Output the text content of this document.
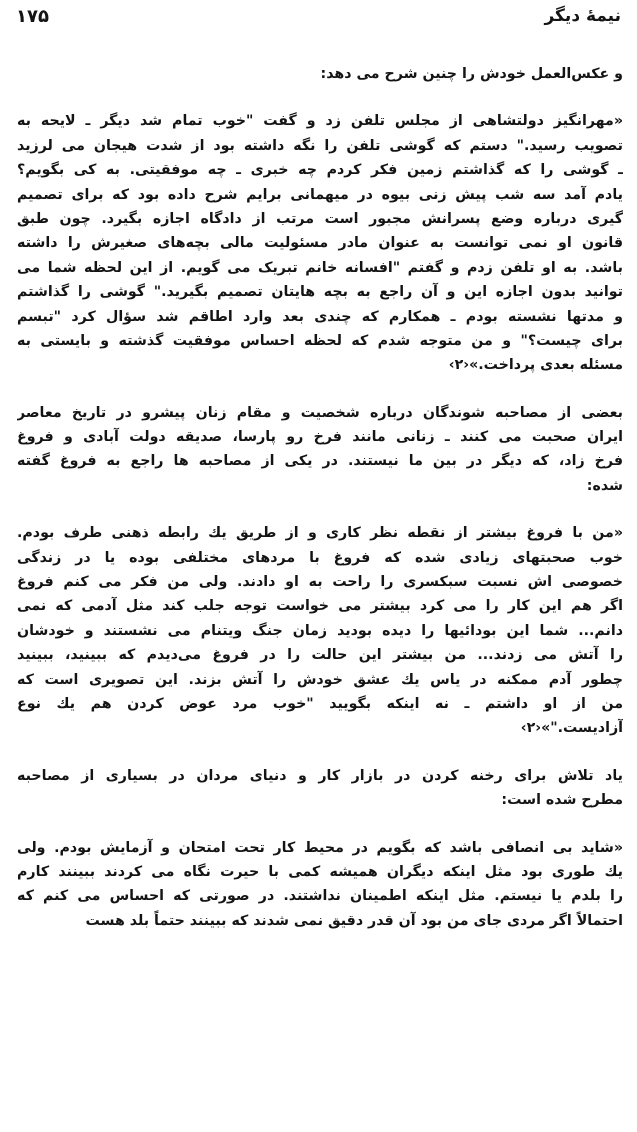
نیمهٔ دیگر
۱۷۵
و عکس‌العمل خودش را چنین شرح می دهد:
«مهرانگیز دولتشاهی از مجلس تلفن زد و گفت "خوب تمام شد دیگر ـ لایحه به
تصویب رسید." دستم که گوشی تلفن را نگه داشته بود از شدت هیجان می لرزید
ـ گوشی را که گذاشتم زمین فکر کردم چه خبری ـ چه موفقیتی. به کی بگویم؟
یادم آمد سه شب پیش زنی بیوه در میهمانی برایم شرح داده بود که برای تصمیم
گیری درباره وضع پسرانش مجبور است مرتب از دادگاه اجازه بگیرد. چون طبق
قانون او نمی توانست به عنوان مادر مسئولیت مالی بچه‌های صغیرش را داشته
باشد. به او تلفن زدم و گفتم "افسانه خانم تبریک می گویم. از این لحظه شما می
توانید بدون اجازه این و آن راجع به بچه هایتان تصمیم بگیرید." گوشی را گذاشتم
و مدتها نشسته بودم ـ همکارم که چندی بعد وارد اطاقم شد سؤال کرد "تبسم
برای چیست؟" و من متوجه شدم که لحظه احساس موفقیت گذشته و بایستی به
مسئله بعدی پرداخت.»‹۲›
بعضی از مصاحبه شوندگان درباره شخصیت و مقام زنان پیشرو در تاریخ معاصر
ایران صحبت می کنند ـ زنانی مانند فرخ رو پارسا، صدیقه دولت آبادی و فروغ
فرخ زاد، که دیگر در بین ما نیستند. در یکی از مصاحبه ها راجع به فروغ گفته
شده:
«من با فروغ بیشتر از نقطه نظر کاری و از طریق یك رابطه ذهنی طرف بودم.
خوب صحبتهای زیادی شده که فروغ با مردهای مختلفی بوده یا در زندگی
خصوصی اش نسبت سبکسری را راحت به او دادند. ولی من فکر می کنم فروغ
اگر هم این کار را می کرد بیشتر می خواست توجه جلب کند مثل آدمی که نمی
دانم... شما این بودائیها را دیده بودید زمان جنگ ویتنام می نشستند و خودشان
را آتش می زدند... من بیشتر این حالت را در فروغ می‌دیدم که ببینید، ببینید
چطور آدم ممکنه در یاس یك عشق خودش را آتش بزند. این تصویری است که
من از او داشتم ـ نه اینکه بگویید "خوب مرد عوض کردن هم یك نوع
آزادیست."»‹۲›
یاد تلاش برای رخنه کردن در بازار کار و دنیای مردان در بسیاری از مصاحبه
مطرح شده است:
«شاید بی انصافی باشد که بگویم در محیط کار تحت امتحان و آزمایش بودم. ولی
یك طوری بود مثل اینکه دیگران همیشه کمی با حیرت نگاه می کردند ببینند کارم
را بلدم یا نیستم. مثل اینکه اطمینان نداشتند. در صورتی که احساس می کنم که
احتمالاً اگر مردی جای من بود آن قدر دقیق نمی شدند که ببینند حتماً بلد هست
